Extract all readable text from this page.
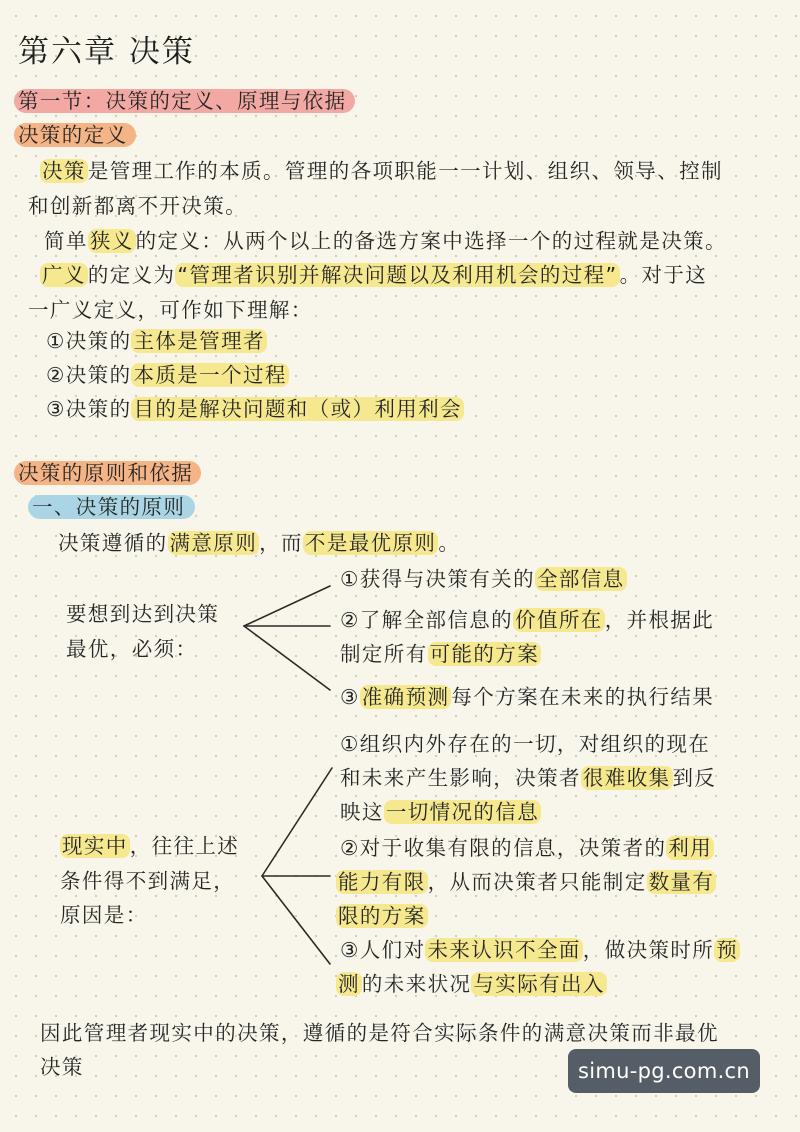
第六章 决策
第一节：决策的定义、原理与依据
决策的定义
决策是管理工作的本质。管理的各项职能一一计划、组织、领导、控制
和创新都离不开决策。
简单狭义的定义：从两个以上的备选方案中选择一个的过程就是决策。
广义的定义为“管理者识别并解决问题以及利用机会的过程”。对于这
一广义定义，可作如下理解：
①决策的主体是管理者
②决策的本质是一个过程
③决策的目的是解决问题和（或）利用利会
决策的原则和依据
一、决策的原则
决策遵循的满意原则，而不是最优原则。
要想到达到决策
最优，必须：
①获得与决策有关的全部信息
②了解全部信息的价值所在，并根据此
制定所有可能的方案
③准确预测每个方案在未来的执行结果
现实中，往往上述
条件得不到满足，
原因是：
①组织内外存在的一切，对组织的现在
和未来产生影响，决策者很难收集到反
映这一切情况的信息
②对于收集有限的信息，决策者的利用
能力有限，从而决策者只能制定数量有
限的方案
③人们对未来认识不全面，做决策时所预
测的未来状况与实际有出入
因此管理者现实中的决策，遵循的是符合实际条件的满意决策而非最优
决策	simu-pg.com.cn
